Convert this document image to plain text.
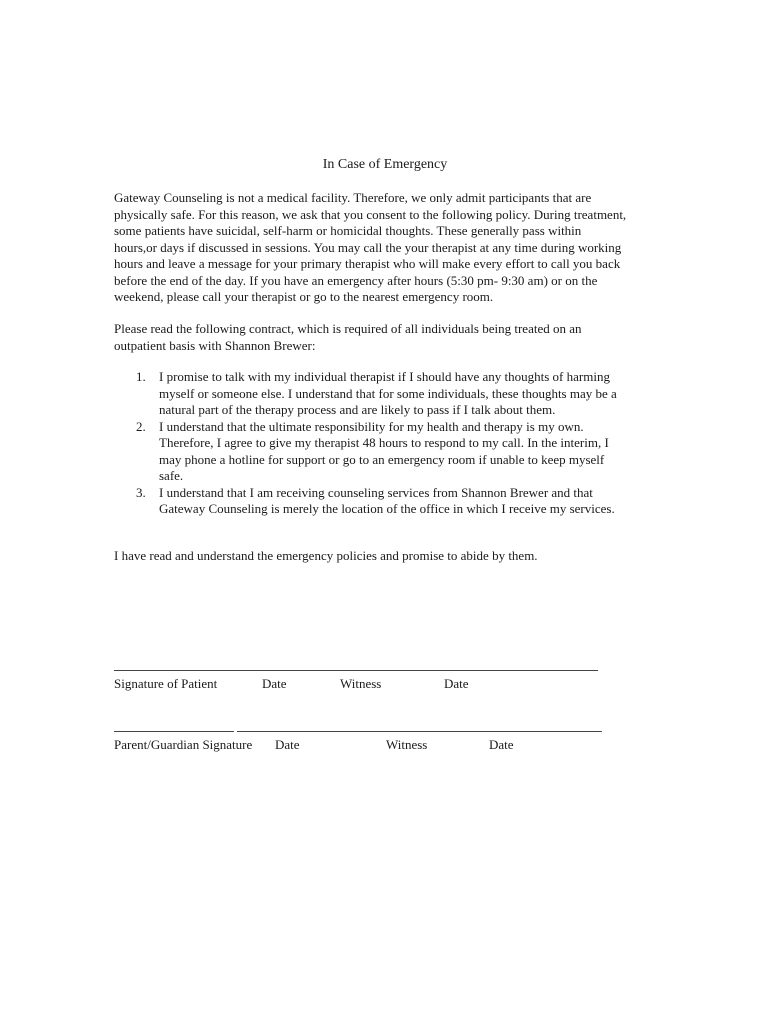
In Case of Emergency
Gateway Counseling is not a medical facility. Therefore, we only admit participants that are
physically safe. For this reason, we ask that you consent to the following policy. During treatment,
some patients have suicidal, self-harm or homicidal thoughts. These generally pass within
hours,or days if discussed in sessions. You may call the your therapist at any time during working
hours and leave a message for your primary therapist who will make every effort to call you back
before the end of the day. If you have an emergency after hours (5:30 pm- 9:30 am) or on the
weekend, please call your therapist or go to the nearest emergency room.
Please read the following contract, which is required of all individuals being treated on an
outpatient basis with Shannon Brewer:
1. I promise to talk with my individual therapist if I should have any thoughts of harming
myself or someone else. I understand that for some individuals, these thoughts may be a
natural part of the therapy process and are likely to pass if I talk about them.
2. I understand that the ultimate responsibility for my health and therapy is my own.
Therefore, I agree to give my therapist 48 hours to respond to my call. In the interim, I
may phone a hotline for support or go to an emergency room if unable to keep myself
safe.
3. I understand that I am receiving counseling services from Shannon Brewer and that
Gateway Counseling is merely the location of the office in which I receive my services.
I have read and understand the emergency policies and promise to abide by them.
Signature of Patient	Date	Witness	Date
Parent/Guardian Signature Date	Witness	Date
